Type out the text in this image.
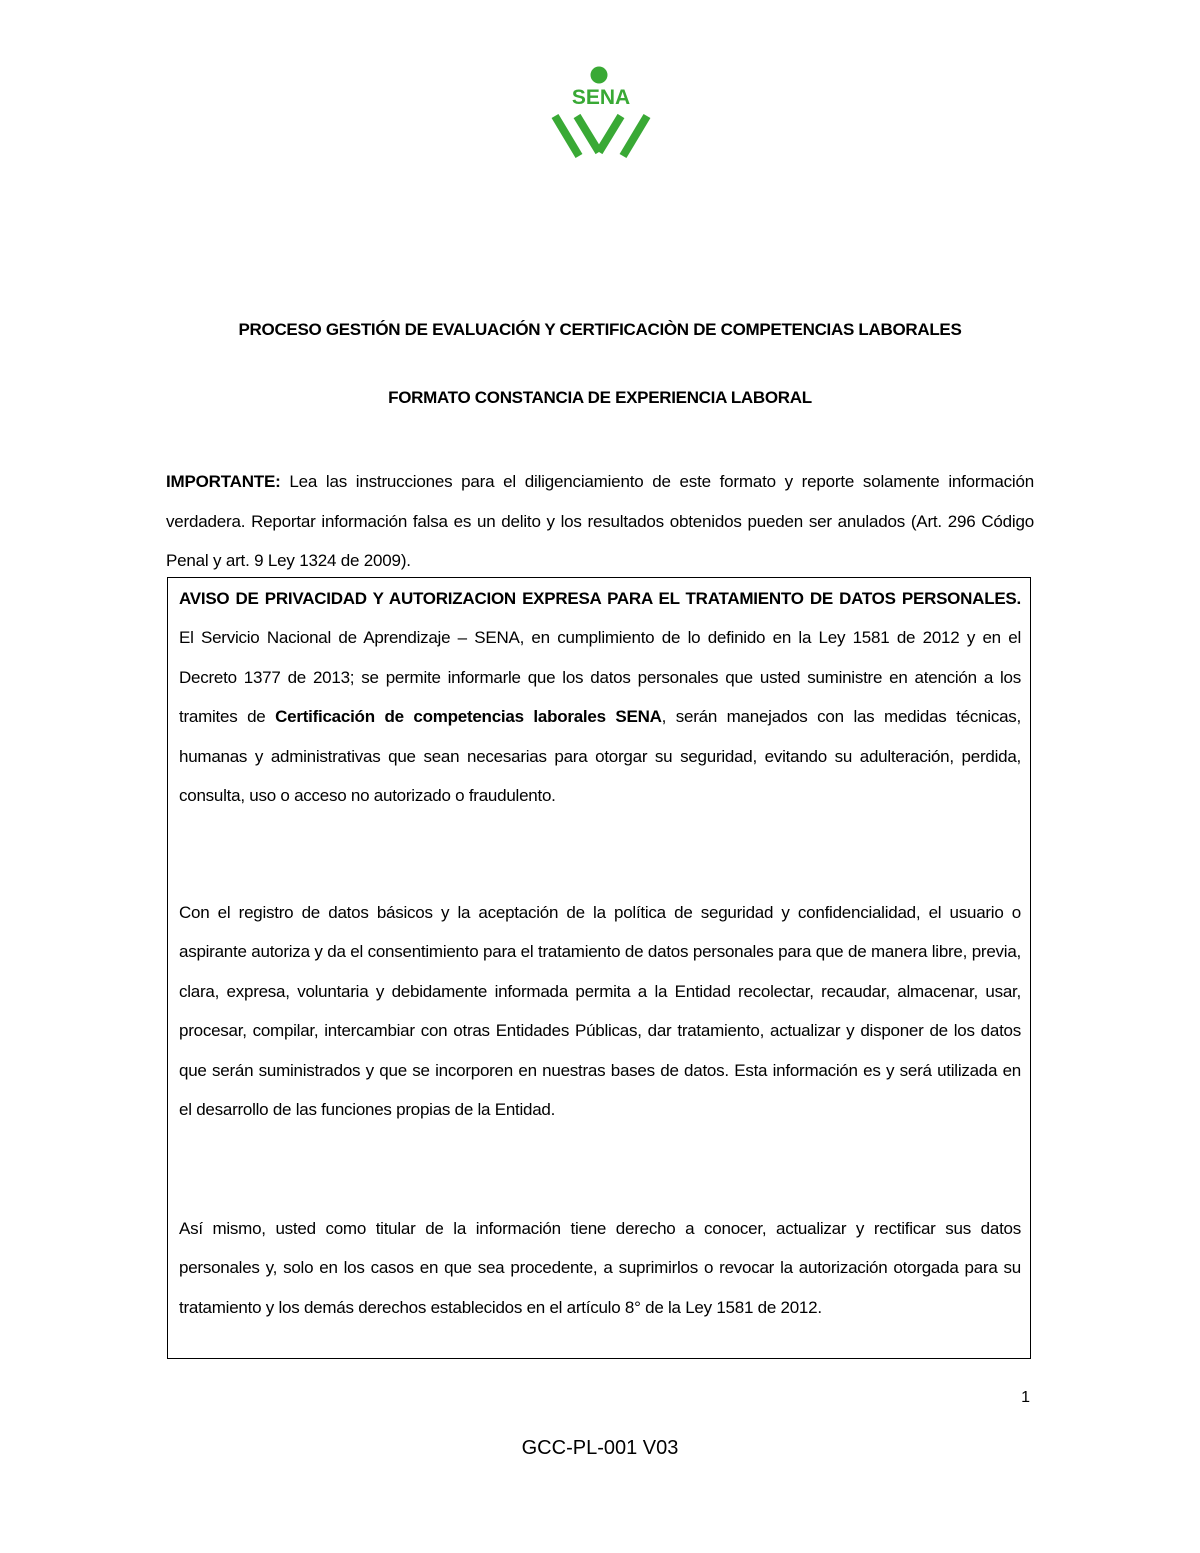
SENA
PROCESO GESTIÓN DE EVALUACIÓN Y CERTIFICACIÒN DE COMPETENCIAS LABORALES
FORMATO CONSTANCIA DE EXPERIENCIA LABORAL
IMPORTANTE: Lea las instrucciones para el diligenciamiento de este formato y reporte solamente información verdadera. Reportar información falsa es un delito y los resultados obtenidos pueden ser anulados (Art. 296 Código Penal y art. 9 Ley 1324 de 2009).
AVISO DE PRIVACIDAD Y AUTORIZACION EXPRESA PARA EL TRATAMIENTO DE DATOS PERSONALES. El Servicio Nacional de Aprendizaje – SENA, en cumplimiento de lo definido en la Ley 1581 de 2012 y en el Decreto 1377 de 2013; se permite informarle que los datos personales que usted suministre en atención a los tramites de Certificación de competencias laborales SENA, serán manejados con las medidas técnicas, humanas y administrativas que sean necesarias para otorgar su seguridad, evitando su adulteración, perdida, consulta, uso o acceso no autorizado o fraudulento.
Con el registro de datos básicos y la aceptación de la política de seguridad y confidencialidad, el usuario o aspirante autoriza y da el consentimiento para el tratamiento de datos personales para que de manera libre, previa, clara, expresa, voluntaria y debidamente informada permita a la Entidad recolectar, recaudar, almacenar, usar, procesar, compilar, intercambiar con otras Entidades Públicas, dar tratamiento, actualizar y disponer de los datos que serán suministrados y que se incorporen en nuestras bases de datos. Esta información es y será utilizada en el desarrollo de las funciones propias de la Entidad.
Así mismo, usted como titular de la información tiene derecho a conocer, actualizar y rectificar sus datos personales y, solo en los casos en que sea procedente, a suprimirlos o revocar la autorización otorgada para su tratamiento y los demás derechos establecidos en el artículo 8° de la Ley 1581 de 2012.
1
GCC-PL-001 V03
